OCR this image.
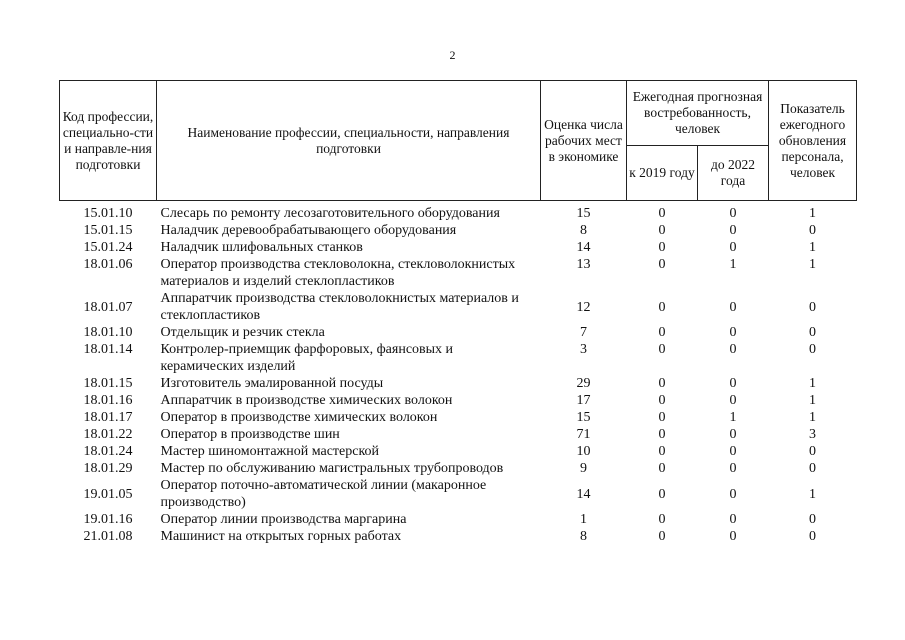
2
Код профессии, специально-сти и направле-ния подготовки	Наименование профессии, специальности, направления подготовки	Оценка числа рабочих мест в экономике	Ежегодная прогнозная востребованность, человек		Показатель ежегодного обновления персонала, человек
			к 2019 году	до 2022 года	
15.01.10	Слесарь по ремонту лесозаготовительного оборудования	15	0	0	1
15.01.15	Наладчик деревообрабатывающего оборудования	8	0	0	0
15.01.24	Наладчик шлифовальных станков	14	0	0	1
18.01.06	Оператор производства стекловолокна, стекловолокнистых материалов и изделий стеклопластиков	13	0	1	1
18.01.07	Аппаратчик производства стекловолокнистых материалов и стеклопластиков	12	0	0	0
18.01.10	Отдельщик и резчик стекла	7	0	0	0
18.01.14	Контролер-приемщик фарфоровых, фаянсовых и керамических изделий	3	0	0	0
18.01.15	Изготовитель эмалированной посуды	29	0	0	1
18.01.16	Аппаратчик в производстве химических волокон	17	0	0	1
18.01.17	Оператор в производстве химических волокон	15	0	1	1
18.01.22	Оператор в производстве шин	71	0	0	3
18.01.24	Мастер шиномонтажной мастерской	10	0	0	0
18.01.29	Мастер по обслуживанию магистральных трубопроводов	9	0	0	0
19.01.05	Оператор поточно-автоматической линии (макаронное производство)	14	0	0	1
19.01.16	Оператор линии производства маргарина	1	0	0	0
21.01.08	Машинист на открытых горных работах	8	0	0	0
